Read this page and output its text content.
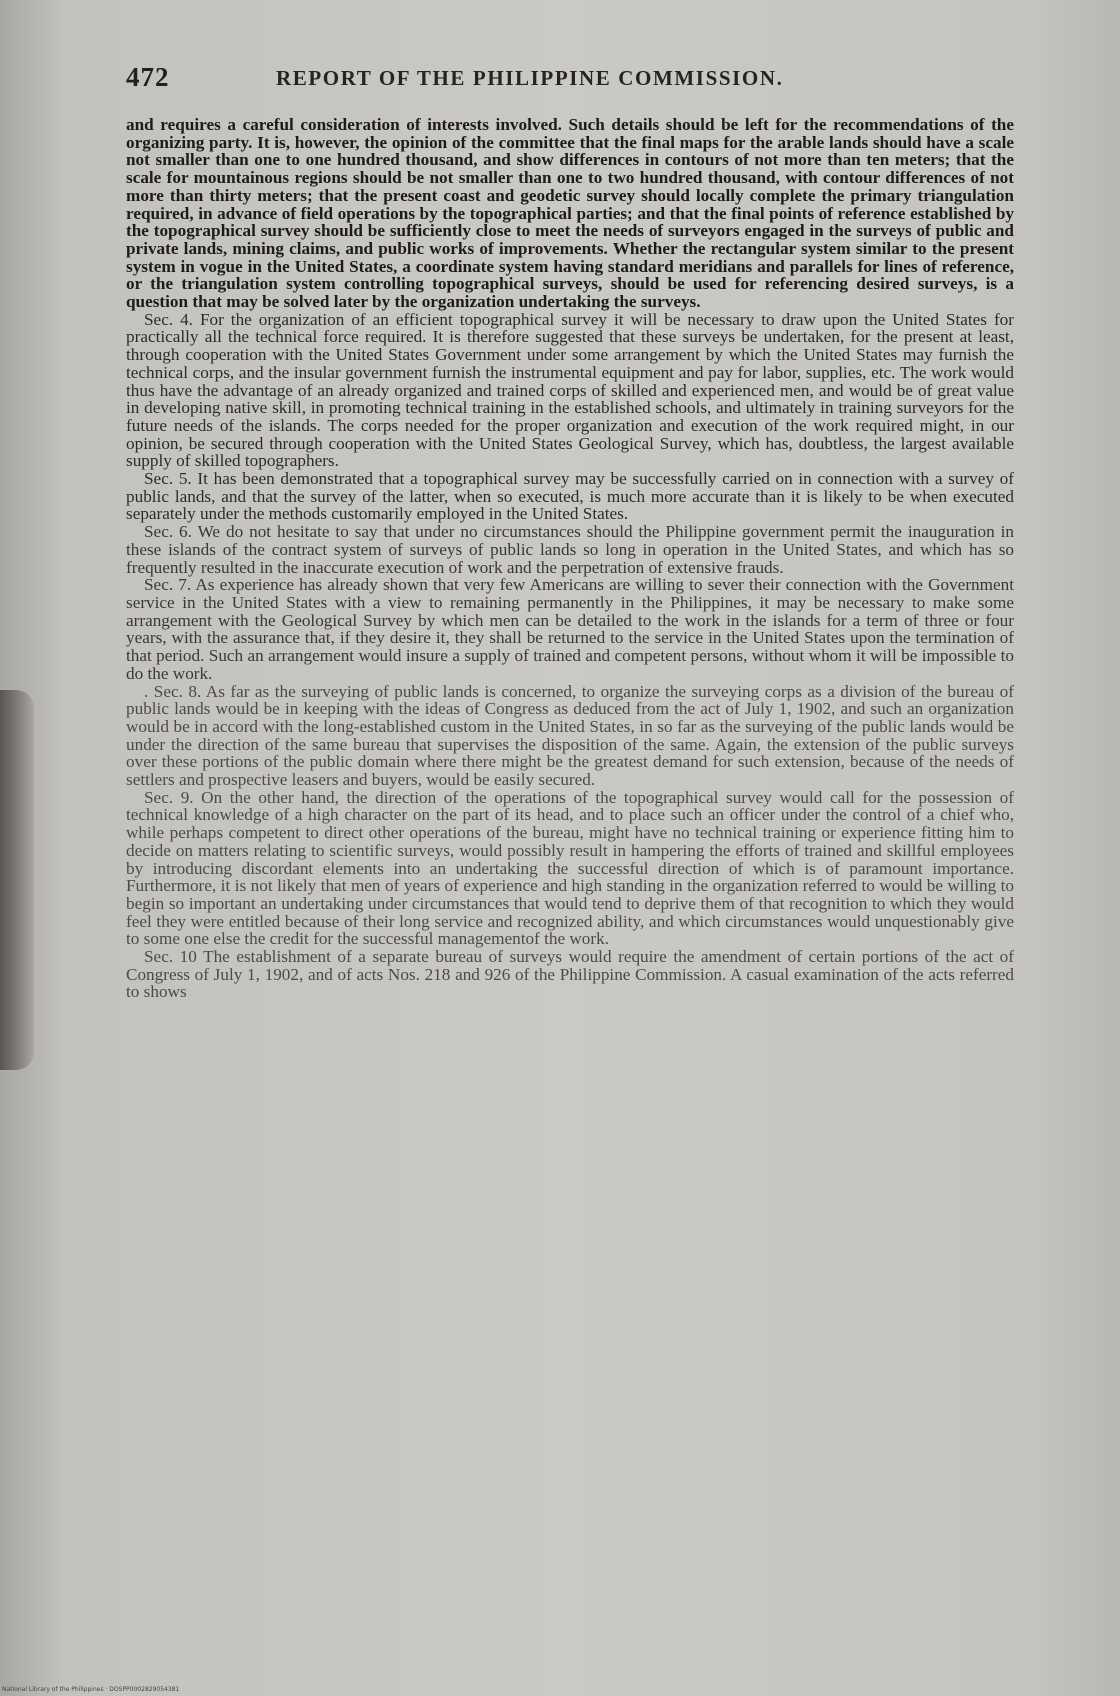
472	REPORT OF THE PHILIPPINE COMMISSION.

and requires a careful consideration of interests involved. Such details should be left for the recommendations of the organizing party. It is, however, the opinion of the committee that the final maps for the arable lands should have a scale not smaller than one to one hundred thousand, and show differences in contours of not more than ten meters; that the scale for mountainous regions should be not smaller than one to two hundred thousand, with contour differences of not more than thirty meters; that the present coast and geodetic survey should locally complete the primary triangulation required, in advance of field operations by the topographical parties; and that the final points of reference established by the topographical survey should be sufficiently close to meet the needs of surveyors engaged in the surveys of public and private lands, mining claims, and public works of improvements. Whether the rectangular system similar to the present system in vogue in the United States, a coordinate system having standard meridians and parallels for lines of reference, or the triangulation system controlling topographical surveys, should be used for referencing desired surveys, is a question that may be solved later by the organization undertaking the surveys.

Sec. 4. For the organization of an efficient topographical survey it will be necessary to draw upon the United States for practically all the technical force required. It is therefore suggested that these surveys be undertaken, for the present at least, through cooperation with the United States Government under some arrangement by which the United States may furnish the technical corps, and the insular government furnish the instrumental equipment and pay for labor, supplies, etc. The work would thus have the advantage of an already organized and trained corps of skilled and experienced men, and would be of great value in developing native skill, in promoting technical training in the established schools, and ultimately in training surveyors for the future needs of the islands. The corps needed for the proper organization and execution of the work required might, in our opinion, be secured through cooperation with the United States Geological Survey, which has, doubtless, the largest available supply of skilled topographers.

Sec. 5. It has been demonstrated that a topographical survey may be successfully carried on in connection with a survey of public lands, and that the survey of the latter, when so executed, is much more accurate than it is likely to be when executed separately under the methods customarily employed in the United States.

Sec. 6. We do not hesitate to say that under no circumstances should the Philippine government permit the inauguration in these islands of the contract system of surveys of public lands so long in operation in the United States, and which has so frequently resulted in the inaccurate execution of work and the perpetration of extensive frauds.

Sec. 7. As experience has already shown that very few Americans are willing to sever their connection with the Government service in the United States with a view to remaining permanently in the Philippines, it may be necessary to make some arrangement with the Geological Survey by which men can be detailed to the work in the islands for a term of three or four years, with the assurance that, if they desire it, they shall be returned to the service in the United States upon the termination of that period. Such an arrangement would insure a supply of trained and competent persons, without whom it will be impossible to do the work.

. Sec. 8. As far as the surveying of public lands is concerned, to organize the surveying corps as a division of the bureau of public lands would be in keeping with the ideas of Congress as deduced from the act of July 1, 1902, and such an organization would be in accord with the long-established custom in the United States, in so far as the surveying of the public lands would be under the direction of the same bureau that supervises the disposition of the same. Again, the extension of the public surveys over these portions of the public domain where there might be the greatest demand for such extension, because of the needs of settlers and prospective leasers and buyers, would be easily secured.

Sec. 9. On the other hand, the direction of the operations of the topographical survey would call for the possession of technical knowledge of a high character on the part of its head, and to place such an officer under the control of a chief who, while perhaps competent to direct other operations of the bureau, might have no technical training or experience fitting him to decide on matters relating to scientific surveys, would possibly result in hampering the efforts of trained and skillful employees by introducing discordant elements into an undertaking the successful direction of which is of paramount importance. Furthermore, it is not likely that men of years of experience and high standing in the organization referred to would be willing to begin so important an undertaking under circumstances that would tend to deprive them of that recognition to which they would feel they were entitled because of their long service and recognized ability, and which circumstances would unquestionably give to some one else the credit for the successful managementof the work.

Sec. 10 The establishment of a separate bureau of surveys would require the amendment of certain portions of the act of Congress of July 1, 1902, and of acts Nos. 218 and 926 of the Philippine Commission. A casual examination of the acts referred to shows

National Library of the Philippines · DOSPP0002829054381
